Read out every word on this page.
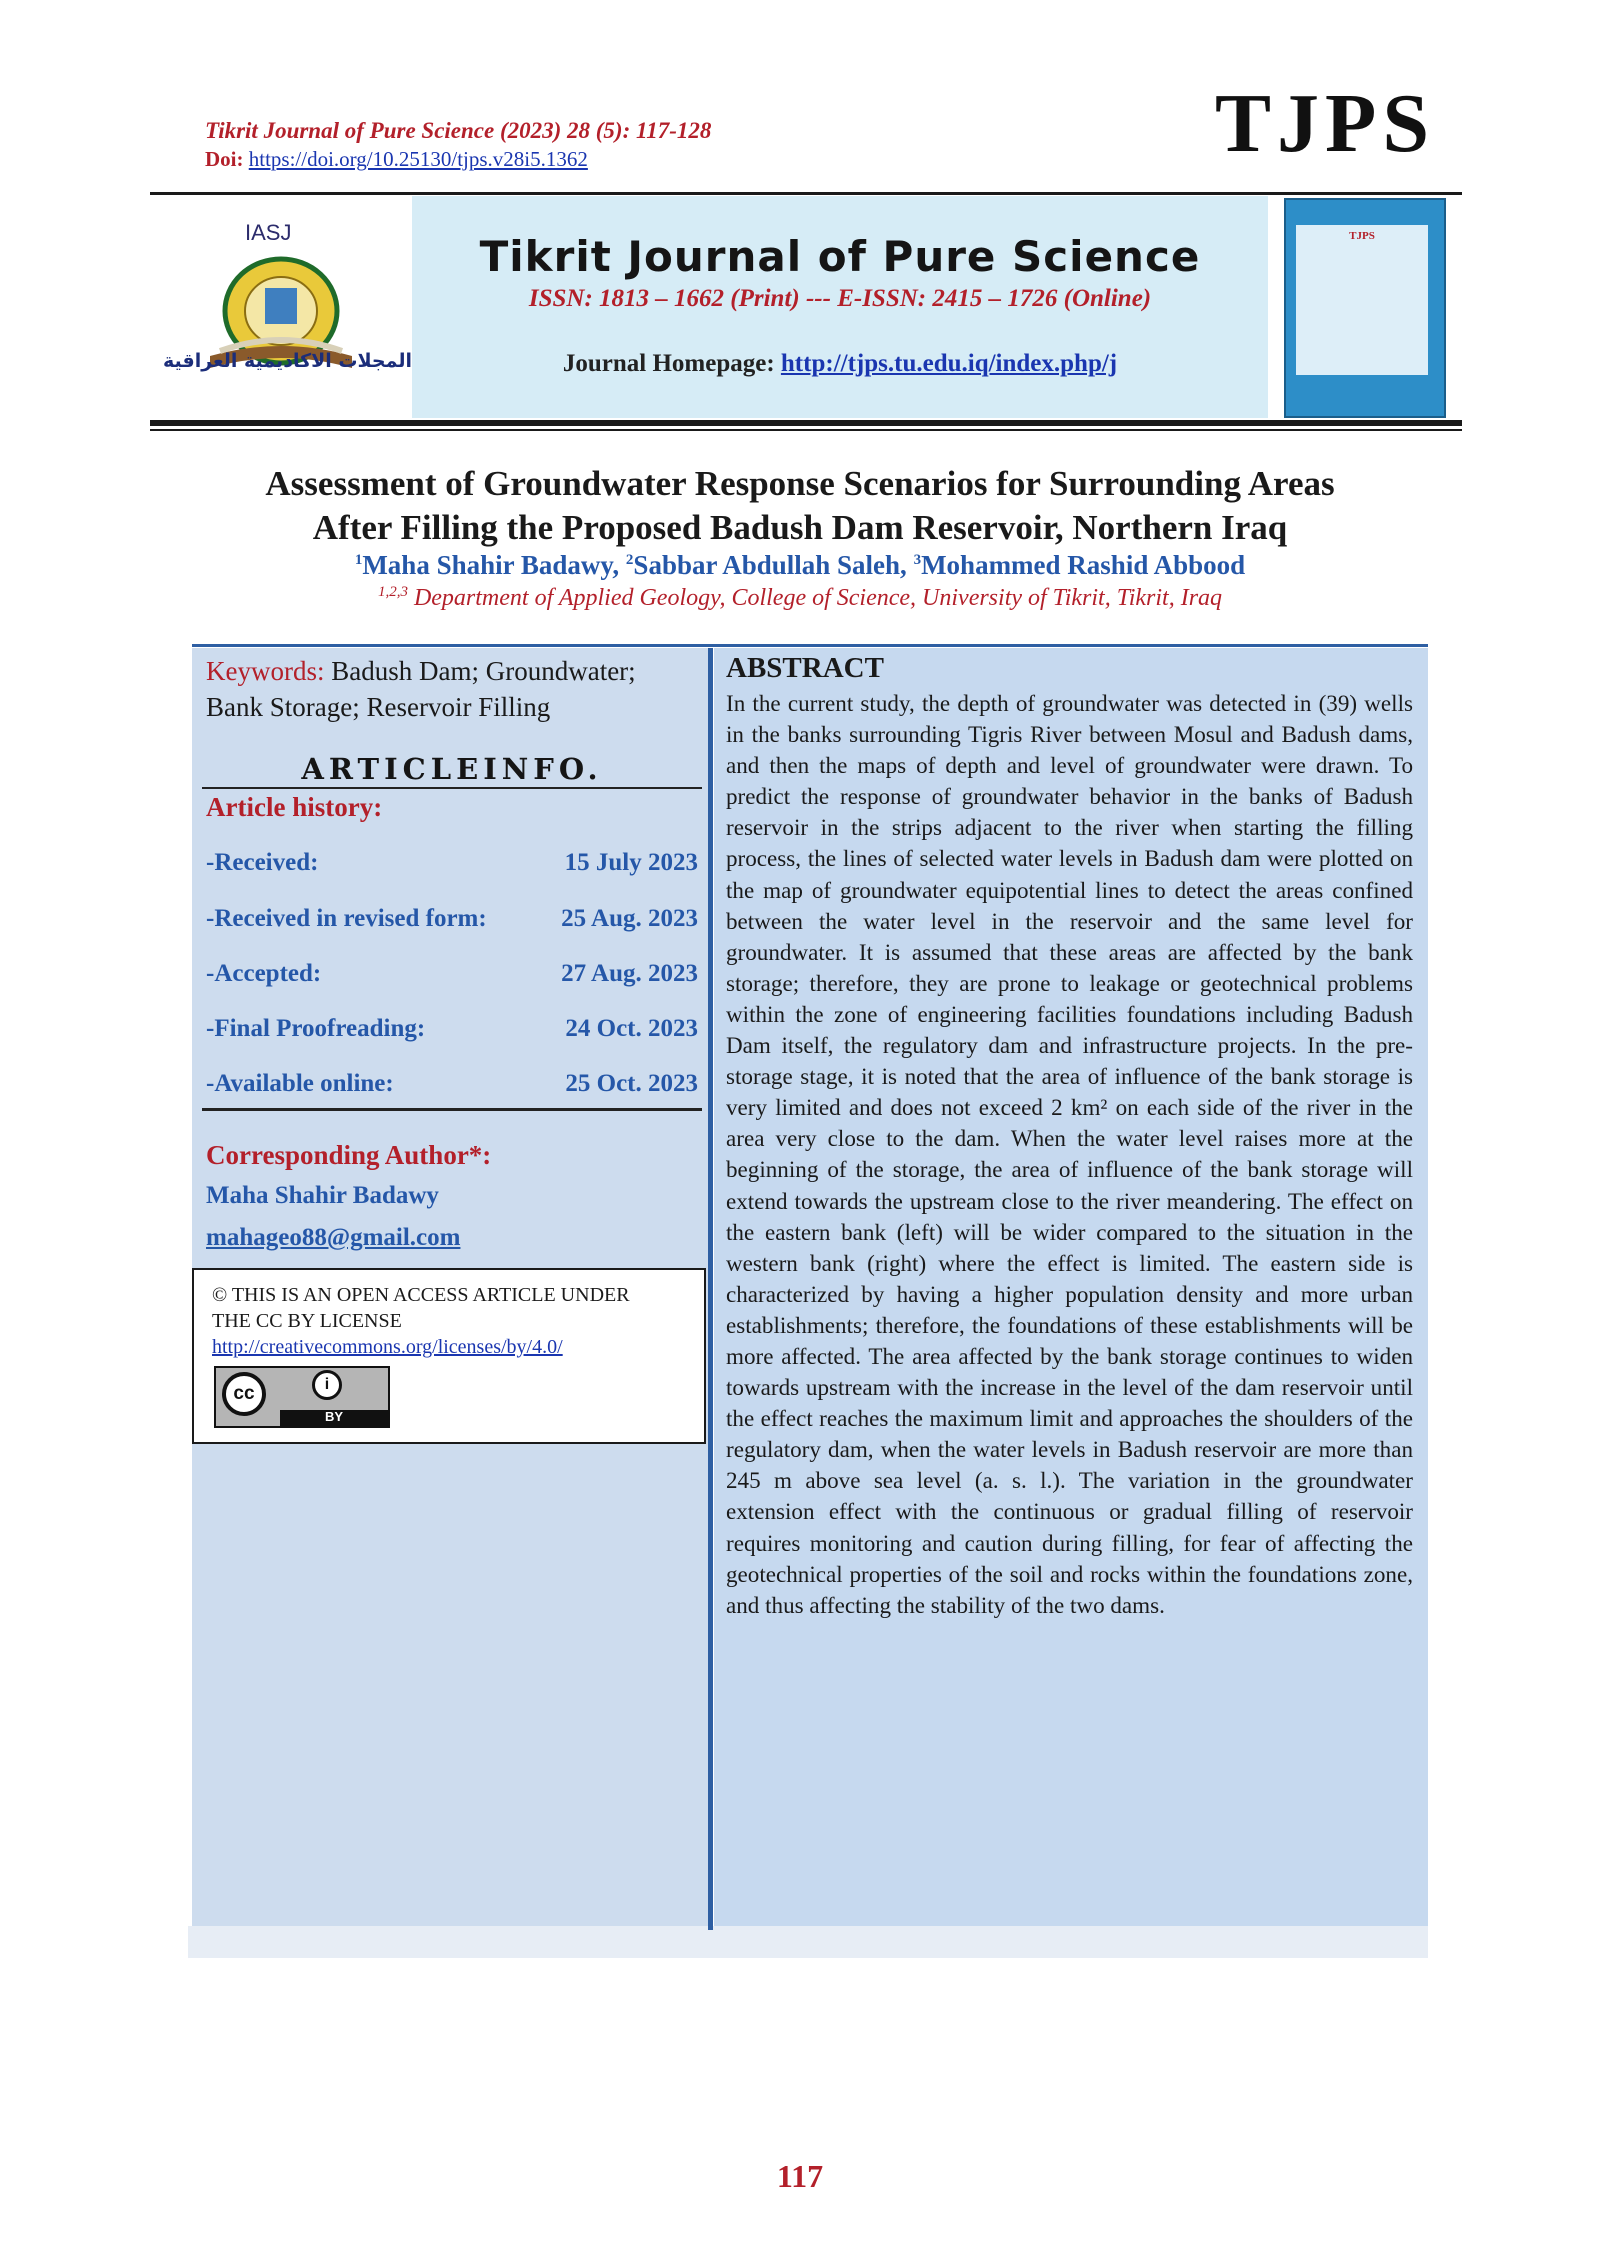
Tikrit Journal of Pure Science (2023) 28 (5): 117-128
Doi: https://doi.org/10.25130/tjps.v28i5.1362	TJPS
IASJ
المجلات الاكاديمية العراقية
Tikrit Journal of Pure Science
ISSN: 1813 – 1662 (Print) --- E-ISSN: 2415 – 1726 (Online)
Journal Homepage: http://tjps.tu.edu.iq/index.php/j
TJPS
Assessment of Groundwater Response Scenarios for Surrounding Areas
After Filling the Proposed Badush Dam Reservoir, Northern Iraq
$^1$Maha Shahir Badawy, $^2$Sabbar Abdullah Saleh, $^3$Mohammed Rashid Abbood
$^{1,2,3}$ Department of Applied Geology, College of Science, University of Tikrit, Tikrit, Iraq
Keywords: Badush Dam; Groundwater;
Bank Storage; Reservoir Filling
ARTICLEINFO.
Article history:
-Received:	15 July 2023
-Received in revised form:	25 Aug. 2023
-Accepted:	27 Aug. 2023
-Final Proofreading:	24 Oct. 2023
-Available online:	25 Oct. 2023
Corresponding Author*:
Maha Shahir Badawy
mahageo88@gmail.com
© THIS IS AN OPEN ACCESS ARTICLE UNDER
THE CC BY LICENSE
http://creativecommons.org/licenses/by/4.0/
cc	i
BY
ABSTRACT
In the current study, the depth of groundwater was detected in (39) wells in the banks surrounding Tigris River between Mosul and Badush dams, and then the maps of depth and level of groundwater were drawn. To predict the response of groundwater behavior in the banks of Badush reservoir in the strips adjacent to the river when starting the filling process, the lines of selected water levels in Badush dam were plotted on the map of groundwater equipotential lines to detect the areas confined between the water level in the reservoir and the same level for groundwater. It is assumed that these areas are affected by the bank storage; therefore, they are prone to leakage or geotechnical problems within the zone of engineering facilities foundations including Badush Dam itself, the regulatory dam and infrastructure projects. In the pre-storage stage, it is noted that the area of influence of the bank storage is very limited and does not exceed 2 km² on each side of the river in the area very close to the dam. When the water level raises more at the beginning of the storage, the area of influence of the bank storage will extend towards the upstream close to the river meandering. The effect on the eastern bank (left) will be wider compared to the situation in the western bank (right) where the effect is limited. The eastern side is characterized by having a higher population density and more urban establishments; therefore, the foundations of these establishments will be more affected. The area affected by the bank storage continues to widen towards upstream with the increase in the level of the dam reservoir until the effect reaches the maximum limit and approaches the shoulders of the regulatory dam, when the water levels in Badush reservoir are more than 245 m above sea level (a. s. l.). The variation in the groundwater extension effect with the continuous or gradual filling of reservoir requires monitoring and caution during filling, for fear of affecting the geotechnical properties of the soil and rocks within the foundations zone, and thus affecting the stability of the two dams.
117
